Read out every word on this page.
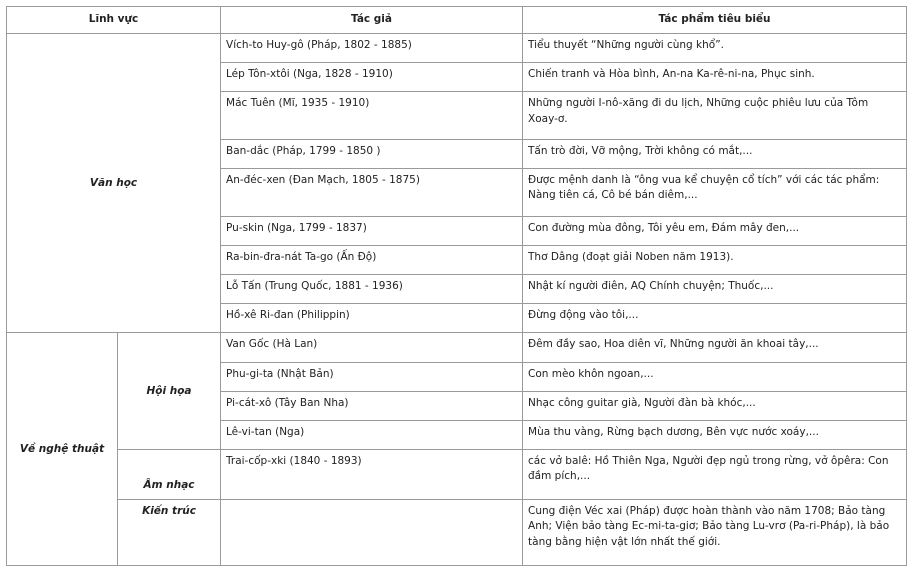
Lĩnh vực		Tác giả	Tác phẩm tiêu biểu
Văn học		Vích-to Huy-gô (Pháp, 1802 - 1885)	Tiểu thuyết “Những người cùng khổ”.
		Lép Tôn-xtôi (Nga, 1828 - 1910)	Chiến tranh và Hòa bình, An-na Ka-rê-ni-na, Phục sinh.
		Mác Tuên (Mĩ, 1935 - 1910)	Những người I-nô-xăng đi du lịch, Những cuộc phiêu lưu của Tôm Xoay-ơ.
		Ban-dắc (Pháp, 1799 - 1850 )	Tấn trò đời, Vỡ mộng, Trời không có mắt,...
		An-đéc-xen (Đan Mạch, 1805 - 1875)	Được mệnh danh là “ông vua kể chuyện cổ tích” với các tác phẩm: Nàng tiên cá, Cô bé bán diêm,...
		Pu-skin (Nga, 1799 - 1837)	Con đường mùa đông, Tôi yêu em, Đám mây đen,...
		Ra-bin-đra-nát Ta-go (Ấn Độ)	Thơ Dâng (đoạt giải Noben năm 1913).
		Lỗ Tấn (Trung Quốc, 1881 - 1936)	Nhật kí người điên, AQ Chính chuyện; Thuốc,...
		Hồ-xê Ri-đan (Philippin)	Đừng động vào tôi,...
Về nghệ thuật	Hội họa	Van Gốc (Hà Lan)	Đêm đầy sao, Hoa diên vĩ, Những người ăn khoai tây,...
		Phu-gi-ta (Nhật Bản)	Con mèo khôn ngoan,...
		Pi-cát-xô (Tây Ban Nha)	Nhạc công guitar già, Người đàn bà khóc,...
		Lê-vi-tan (Nga)	Mùa thu vàng, Rừng bạch dương, Bên vực nước xoáy,...
	Âm nhạc	Trai-cốp-xki (1840 - 1893)	các vở balê: Hồ Thiên Nga, Người đẹp ngủ trong rừng, vở ôpêra: Con đầm pích,...
	Kiến trúc		Cung điện Véc xai (Pháp) được hoàn thành vào năm 1708; Bảo tàng Anh; Viện bảo tàng Ec-mi-ta-giơ; Bảo tàng Lu-vrơ (Pa-ri-Pháp), là bảo tàng bằng hiện vật lớn nhất thế giới.
